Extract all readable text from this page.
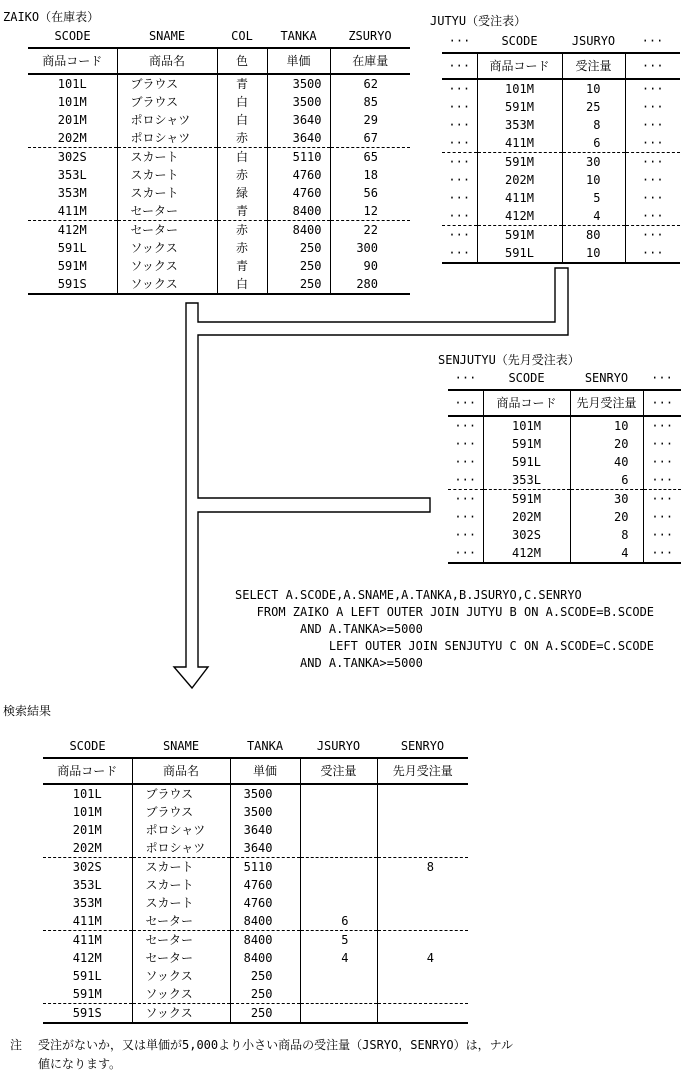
ZAIKO（在庫表）
SCODE	SNAME	COL	TANKA	ZSURYO
商品コード	商品名	色	単価	在庫量
101L	ブラウス	青	3500	62
101M	ブラウス	白	3500	85
201M	ポロシャツ	白	3640	29
202M	ポロシャツ	赤	3640	67
302S	スカート	白	5110	65
353L	スカート	赤	4760	18
353M	スカート	緑	4760	56
411M	セーター	青	8400	12
412M	セーター	赤	8400	22
591L	ソックス	赤	250	300
591M	ソックス	青	250	90
591S	ソックス	白	250	280
JUTYU（受注表）
···	SCODE	JSURYO	···
···	商品コード	受注量	···
···	101M	10	···
···	591M	25	···
···	353M	8	···
···	411M	6	···
···	591M	30	···
···	202M	10	···
···	411M	5	···
···	412M	4	···
···	591M	80	···
···	591L	10	···
SENJUTYU（先月受注表）
···	SCODE	SENRYO	···
···	商品コード	先月受注量	···
···	101M	10	···
···	591M	20	···
···	591L	40	···
···	353L	6	···
···	591M	30	···
···	202M	20	···
···	302S	8	···
···	412M	4	···
SELECT A.SCODE,A.SNAME,A.TANKA,B.JSURYO,C.SENRYO
FROM ZAIKO A LEFT OUTER JOIN JUTYU B ON A.SCODE=B.SCODE
AND A.TANKA>=5000
LEFT OUTER JOIN SENJUTYU C ON A.SCODE=C.SCODE
AND A.TANKA>=5000
検索結果
SCODE	SNAME	TANKA	JSURYO	SENRYO
商品コード	商品名	単価	受注量	先月受注量
101L	ブラウス	3500		
101M	ブラウス	3500		
201M	ポロシャツ	3640		
202M	ポロシャツ	3640		
302S	スカート	5110		8
353L	スカート	4760		
353M	スカート	4760		
411M	セーター	8400	6	
411M	セーター	8400	5	
412M	セーター	8400	4	4
591L	ソックス	250		
591M	ソックス	250		
591S	ソックス	250		
注	受注がないか，又は単価が5,000より小さい商品の受注量（JSRYO，SENRYO）は，ナル
値になります。
